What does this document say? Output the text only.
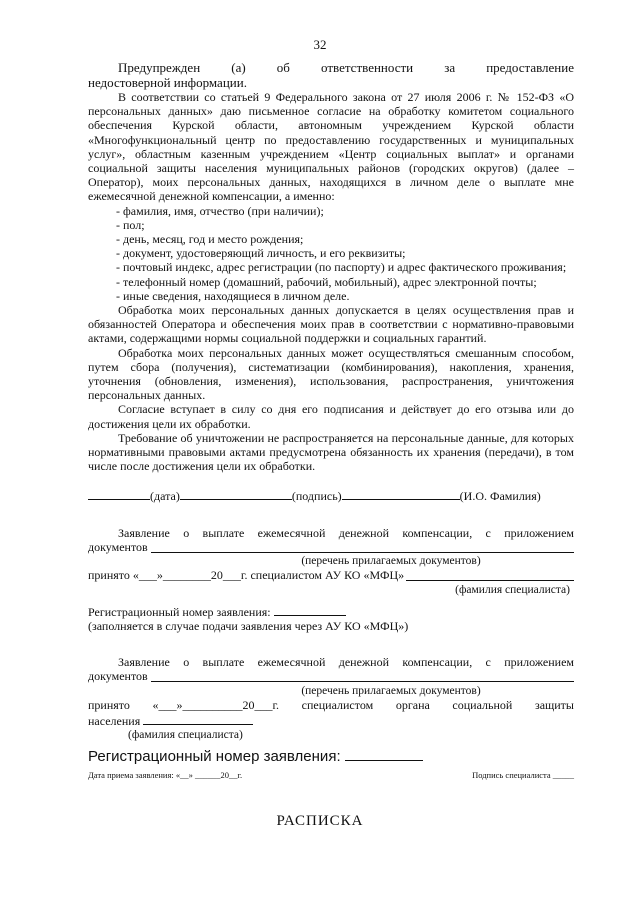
32

Предупрежден (а) об ответственности за предоставление

недостоверной информации.

В соответствии со статьей 9 Федерального закона от 27 июля 2006 г. № 152-ФЗ «О персональных данных» даю письменное согласие на обработку комитетом социального обеспечения Курской области, автономным учреждением Курской области «Многофункциональный центр по предоставлению государственных и муниципальных услуг», областным казенным учреждением «Центр социальных выплат» и органами социальной защиты населения муниципальных районов (городских округов) (далее – Оператор), моих персональных данных, находящихся в личном деле о выплате мне ежемесячной денежной компенсации, а именно:

- фамилия, имя, отчество (при наличии);

- пол;

- день, месяц, год и место рождения;

- документ, удостоверяющий личность, и его реквизиты;

- почтовый индекс, адрес регистрации (по паспорту) и адрес фактического проживания;

- телефонный номер (домашний, рабочий, мобильный), адрес электронной почты;

- иные сведения, находящиеся в личном деле.

Обработка моих персональных данных допускается в целях осуществления прав и обязанностей Оператора и обеспечения моих прав в соответствии с нормативно-правовыми актами, содержащими нормы социальной поддержки и социальных гарантий.

Обработка моих персональных данных может осуществляться смешанным способом, путем сбора (получения), систематизации (комбинирования), накопления, хранения, уточнения (обновления, изменения), использования, распространения, уничтожения персональных данных.

Согласие вступает в силу со дня его подписания и действует до его отзыва или до достижения цели их обработки.

Требование об уничтожении не распространяется на персональные данные, для которых нормативными правовыми актами предусмотрена обязанность их хранения (передачи), в том числе после достижения цели их обработки.

(дата)	(подпись)	(И.О. Фамилия)

Заявление о выплате ежемесячной денежной компенсации, с приложением

документов
(перечень прилагаемых документов)
принято «___»________20___г. специалистом АУ КО «МФЦ»
(фамилия специалиста)
Регистрационный номер заявления:
(заполняется в случае подачи заявления через АУ КО «МФЦ»)

Заявление о выплате ежемесячной денежной компенсации, с приложением

документов
(перечень прилагаемых документов)

принято «___»__________20___г. специалистом органа социальной защиты

населения
(фамилия специалиста)
Регистрационный номер заявления:
Дата приема заявления: «__» ______20__г.	Подпись специалиста _____
РАСПИСКА
